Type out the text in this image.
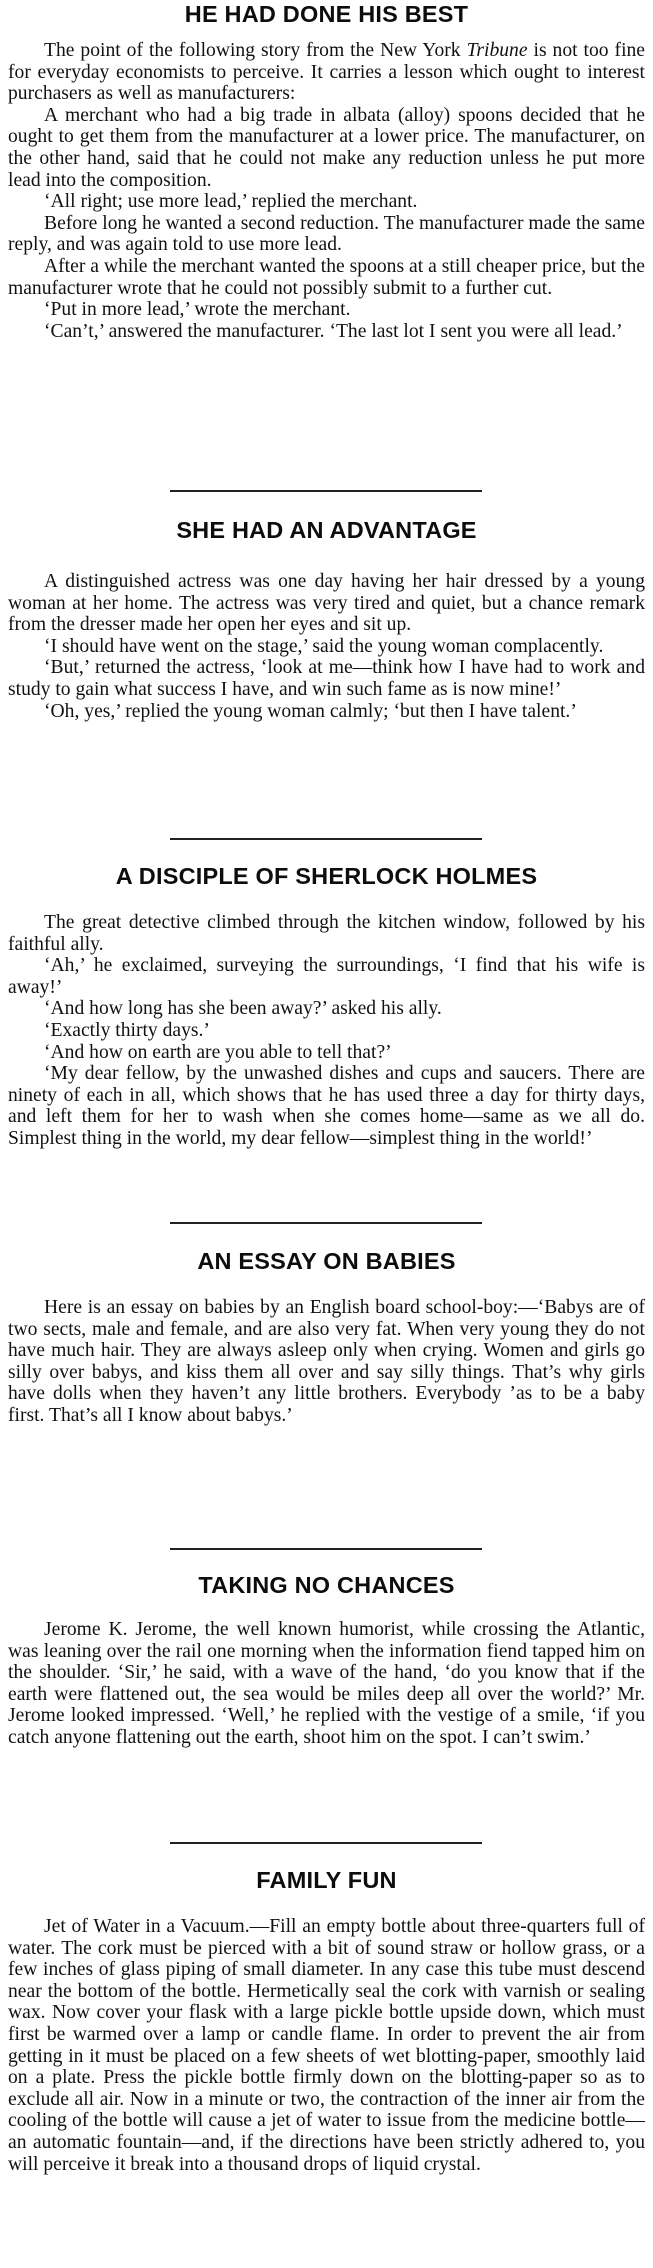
HE HAD DONE HIS BEST

The point of the following story from the New York Tribune is not too fine for everyday economists to perceive. It carries a lesson which ought to interest purchasers as well as manufacturers:

A merchant who had a big trade in albata (alloy) spoons decided that he ought to get them from the manufacturer at a lower price. The manufacturer, on the other hand, said that he could not make any reduction unless he put more lead into the composition.

‘All right; use more lead,’ replied the merchant.

Before long he wanted a second reduction. The manufacturer made the same reply, and was again told to use more lead.

After a while the merchant wanted the spoons at a still cheaper price, but the manufacturer wrote that he could not possibly submit to a further cut.

‘Put in more lead,’ wrote the merchant.

‘Can’t,’ answered the manufacturer. ‘The last lot I sent you were all lead.’

SHE HAD AN ADVANTAGE

A distinguished actress was one day having her hair dressed by a young woman at her home. The actress was very tired and quiet, but a chance remark from the dresser made her open her eyes and sit up.

‘I should have went on the stage,’ said the young woman complacently.

‘But,’ returned the actress, ‘look at me—think how I have had to work and study to gain what success I have, and win such fame as is now mine!’

‘Oh, yes,’ replied the young woman calmly; ‘but then I have talent.’

A DISCIPLE OF SHERLOCK HOLMES

The great detective climbed through the kitchen window, followed by his faithful ally.

‘Ah,’ he exclaimed, surveying the surroundings, ‘I find that his wife is away!’

‘And how long has she been away?’ asked his ally.

‘Exactly thirty days.’

‘And how on earth are you able to tell that?’

‘My dear fellow, by the unwashed dishes and cups and saucers. There are ninety of each in all, which shows that he has used three a day for thirty days, and left them for her to wash when she comes home—same as we all do. Simplest thing in the world, my dear fellow—simplest thing in the world!’

AN ESSAY ON BABIES

Here is an essay on babies by an English board school-boy:—‘Babys are of two sects, male and female, and are also very fat. When very young they do not have much hair. They are always asleep only when crying. Women and girls go silly over babys, and kiss them all over and say silly things. That’s why girls have dolls when they haven’t any little brothers. Everybody ’as to be a baby first. That’s all I know about babys.’

TAKING NO CHANCES

Jerome K. Jerome, the well known humorist, while crossing the Atlantic, was leaning over the rail one morning when the information fiend tapped him on the shoulder. ‘Sir,’ he said, with a wave of the hand, ‘do you know that if the earth were flattened out, the sea would be miles deep all over the world?’ Mr. Jerome looked impressed. ‘Well,’ he replied with the vestige of a smile, ‘if you catch anyone flattening out the earth, shoot him on the spot. I can’t swim.’

FAMILY FUN

Jet of Water in a Vacuum.—Fill an empty bottle about three-quarters full of water. The cork must be pierced with a bit of sound straw or hollow grass, or a few inches of glass piping of small diameter. In any case this tube must descend near the bottom of the bottle. Hermetically seal the cork with varnish or sealing wax. Now cover your flask with a large pickle bottle upside down, which must first be warmed over a lamp or candle flame. In order to prevent the air from getting in it must be placed on a few sheets of wet blotting-paper, smoothly laid on a plate. Press the pickle bottle firmly down on the blotting-paper so as to exclude all air. Now in a minute or two, the contraction of the inner air from the cooling of the bottle will cause a jet of water to issue from the medicine bottle—an automatic fountain—and, if the directions have been strictly adhered to, you will perceive it break into a thousand drops of liquid crystal.
